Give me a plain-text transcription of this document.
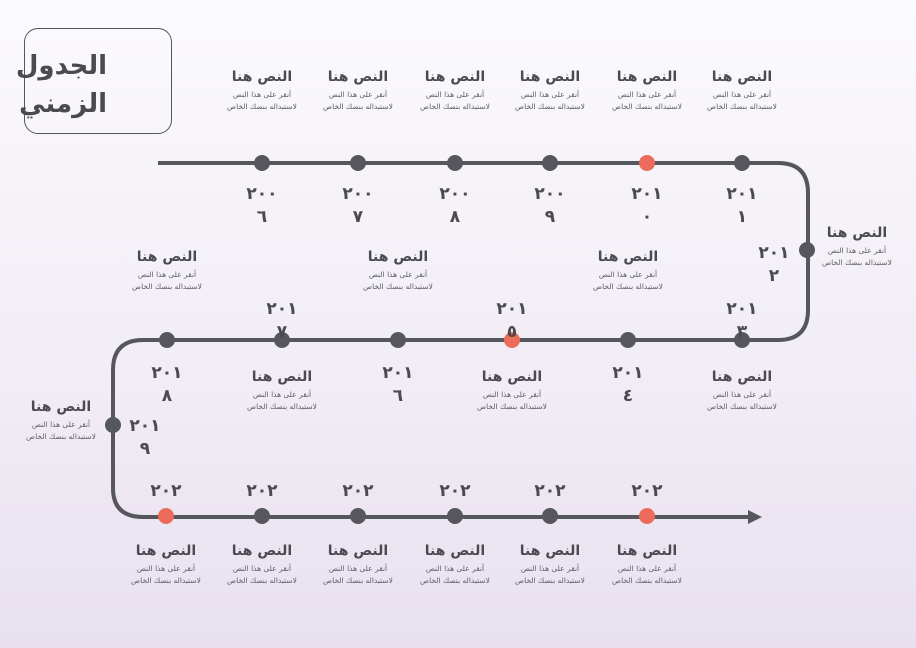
الجدول الزمني
٢٠٠
٦
النص هنا
أنقر على هذا النص
لاستبداله بنصك الخاص
٢٠٠
٧
النص هنا
أنقر على هذا النص
لاستبداله بنصك الخاص
٢٠٠
٨
النص هنا
أنقر على هذا النص
لاستبداله بنصك الخاص
٢٠٠
٩
النص هنا
أنقر على هذا النص
لاستبداله بنصك الخاص
٢٠١
٠
النص هنا
أنقر على هذا النص
لاستبداله بنصك الخاص
٢٠١
١
النص هنا
أنقر على هذا النص
لاستبداله بنصك الخاص
٢٠١
٢
النص هنا
أنقر على هذا النص
لاستبداله بنصك الخاص
٢٠١
٣
النص هنا
أنقر على هذا النص
لاستبداله بنصك الخاص
٢٠١
٤
النص هنا
أنقر على هذا النص
لاستبداله بنصك الخاص
٢٠١
٥
النص هنا
أنقر على هذا النص
لاستبداله بنصك الخاص
٢٠١
٦
النص هنا
أنقر على هذا النص
لاستبداله بنصك الخاص
٢٠١
٧
النص هنا
أنقر على هذا النص
لاستبداله بنصك الخاص
٢٠١
٨
النص هنا
أنقر على هذا النص
لاستبداله بنصك الخاص
٢٠١
٩
النص هنا
أنقر على هذا النص
لاستبداله بنصك الخاص
٢٠٢
النص هنا
أنقر على هذا النص
لاستبداله بنصك الخاص
٢٠٢
النص هنا
أنقر على هذا النص
لاستبداله بنصك الخاص
٢٠٢
النص هنا
أنقر على هذا النص
لاستبداله بنصك الخاص
٢٠٢
النص هنا
أنقر على هذا النص
لاستبداله بنصك الخاص
٢٠٢
النص هنا
أنقر على هذا النص
لاستبداله بنصك الخاص
٢٠٢
النص هنا
أنقر على هذا النص
لاستبداله بنصك الخاص
